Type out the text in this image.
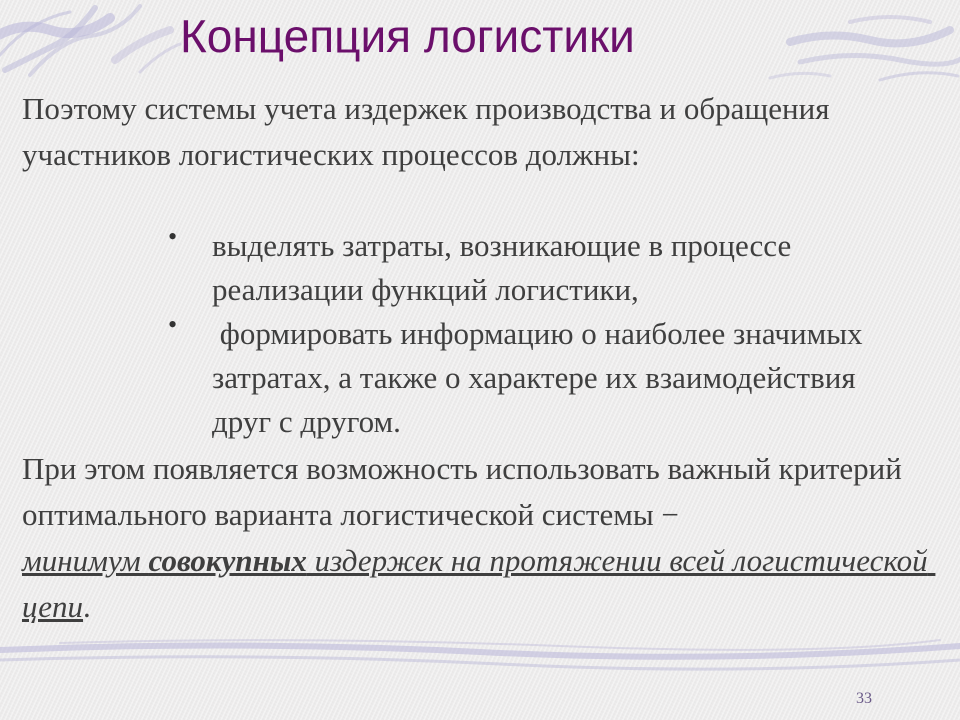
Концепция логистики

Поэтому системы учета издержек производства и обращения участников логистических процессов должны:

• выделять затраты, возникающие в процессе реализации функций логистики,
• формировать информацию о наиболее значимых затратах, а также о характере их взаимодействия друг с другом.

При этом появляется возможность использовать важный критерий оптимального варианта логистической системы − минимум совокупных издержек на протяжении всей логистической цепи.

33
